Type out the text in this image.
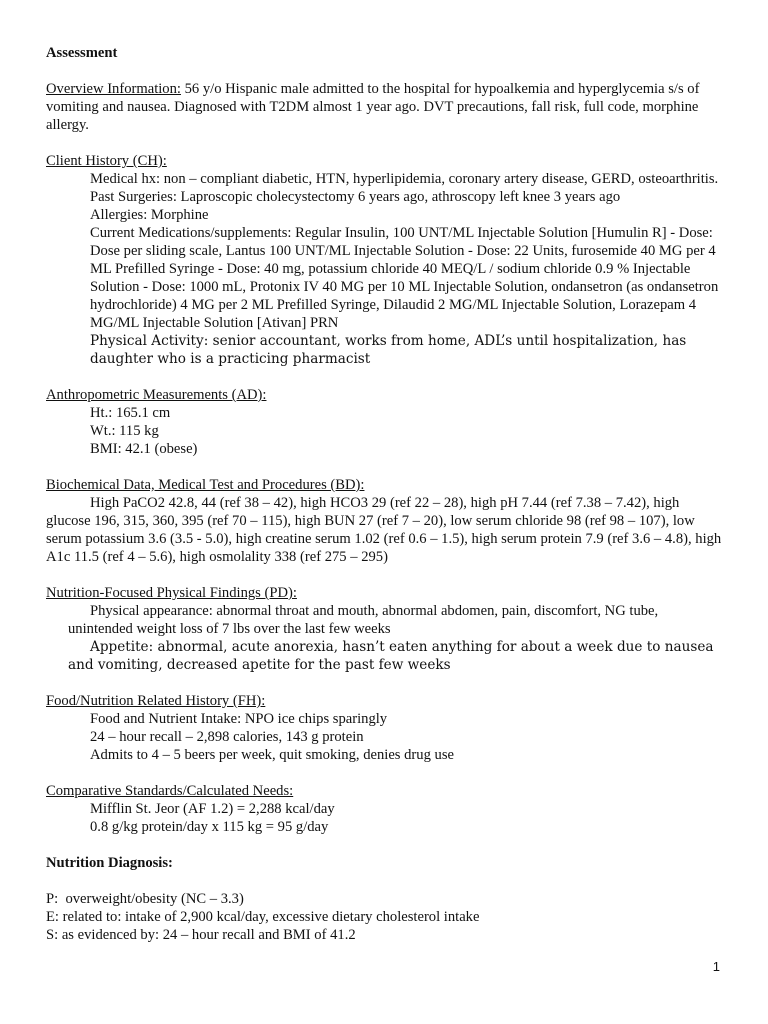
Assessment
Overview Information: 56 y/o Hispanic male admitted to the hospital for hypoalkemia and hyperglycemia s/s of vomiting and nausea. Diagnosed with T2DM almost 1 year ago. DVT precautions, fall risk, full code, morphine allergy.
Client History (CH):
Medical hx: non – compliant diabetic, HTN, hyperlipidemia, coronary artery disease, GERD, osteoarthritis.
Past Surgeries: Laproscopic cholecystectomy 6 years ago, athroscopy left knee 3 years ago
Allergies: Morphine
Current Medications/supplements: Regular Insulin, 100 UNT/ML Injectable Solution [Humulin R] - Dose: Dose per sliding scale, Lantus 100 UNT/ML Injectable Solution - Dose: 22 Units, furosemide 40 MG per 4 ML Prefilled Syringe - Dose: 40 mg, potassium chloride 40 MEQ/L / sodium chloride 0.9 % Injectable Solution - Dose: 1000 mL, Protonix IV 40 MG per 10 ML Injectable Solution, ondansetron (as ondansetron hydrochloride) 4 MG per 2 ML Prefilled Syringe, Dilaudid 2 MG/ML Injectable Solution, Lorazepam 4 MG/ML Injectable Solution [Ativan] PRN
Physical Activity: senior accountant, works from home, ADL’s until hospitalization, has daughter who is a practicing pharmacist
Anthropometric Measurements (AD):
Ht.: 165.1 cm
Wt.: 115 kg
BMI: 42.1 (obese)
Biochemical Data, Medical Test and Procedures (BD):
High PaCO2 42.8, 44 (ref 38 – 42), high HCO3 29 (ref 22 – 28), high pH 7.44 (ref 7.38 – 7.42), high glucose 196, 315, 360, 395 (ref 70 – 115), high BUN 27 (ref 7 – 20), low serum chloride 98 (ref 98 – 107), low serum potassium 3.6 (3.5 - 5.0), high creatine serum 1.02 (ref 0.6 – 1.5), high serum protein 7.9 (ref 3.6 – 4.8), high A1c 11.5 (ref 4 – 5.6), high osmolality 338 (ref 275 – 295)
Nutrition-Focused Physical Findings (PD):
Physical appearance: abnormal throat and mouth, abnormal abdomen, pain, discomfort, NG tube, unintended weight loss of 7 lbs over the last few weeks
Appetite: abnormal, acute anorexia, hasn’t eaten anything for about a week due to nausea and vomiting, decreased apetite for the past few weeks
Food/Nutrition Related History (FH):
Food and Nutrient Intake: NPO ice chips sparingly
24 – hour recall – 2,898 calories, 143 g protein
Admits to 4 – 5 beers per week, quit smoking, denies drug use
Comparative Standards/Calculated Needs:
Mifflin St. Jeor (AF 1.2) = 2,288 kcal/day
0.8 g/kg protein/day x 115 kg = 95 g/day
Nutrition Diagnosis:
P:  overweight/obesity (NC – 3.3)
E: related to: intake of 2,900 kcal/day, excessive dietary cholesterol intake
S: as evidenced by: 24 – hour recall and BMI of 41.2
1
